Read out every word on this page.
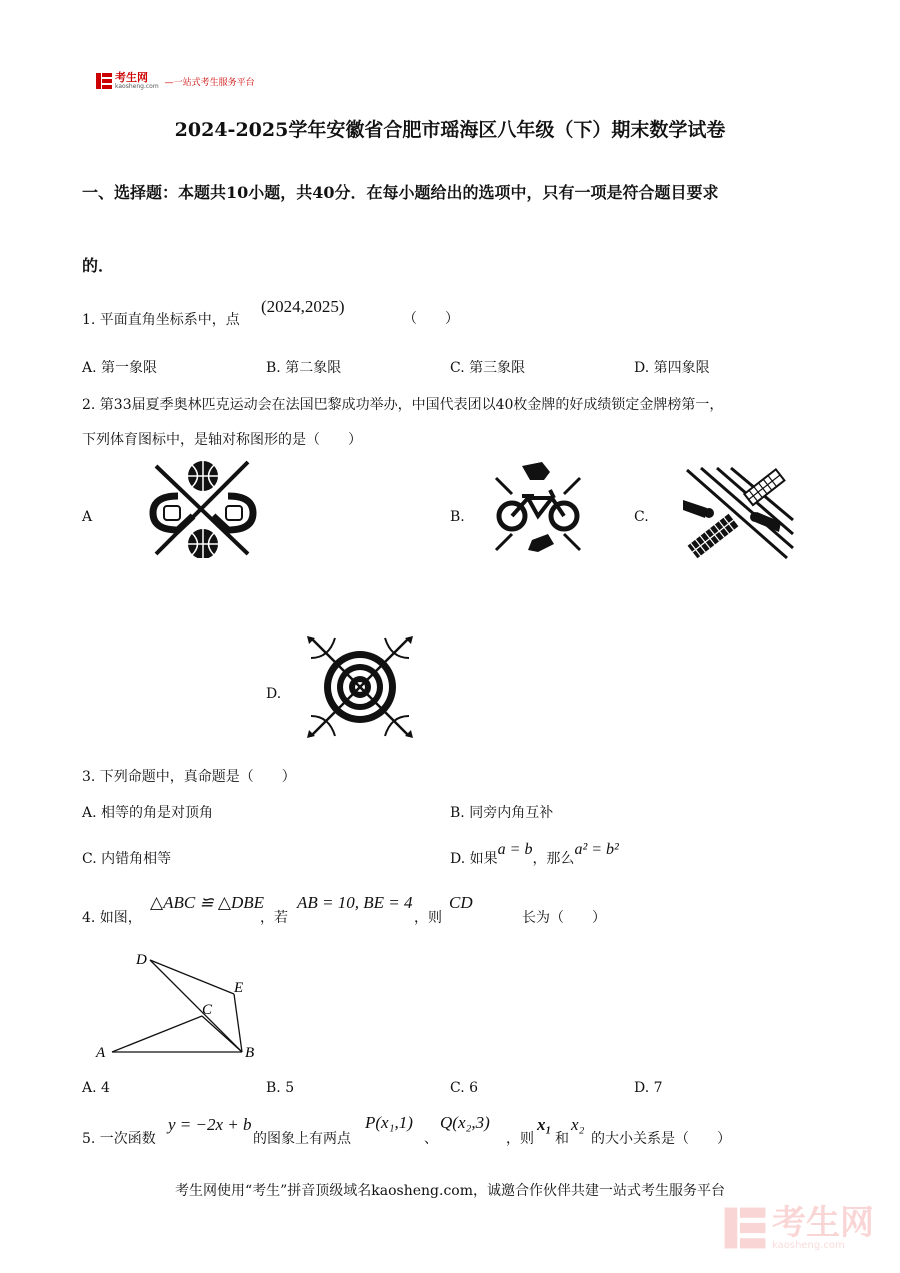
考生网
kaosheng.com —一站式考生服务平台
2024-2025学年安徽省合肥市瑶海区八年级（下）期末数学试卷
一、选择题：本题共10小题，共40分．在每小题给出的选项中，只有一项是符合题目要求
的．
1. 平面直角坐标系中，点
(2024,2025)
（　　）
A. 第一象限	B. 第二象限	C. 第三象限	D. 第四象限
2. 第33届夏季奥林匹克运动会在法国巴黎成功举办，中国代表团以40枚金牌的好成绩锁定金牌榜第一，
下列体育图标中，是轴对称图形的是（　　）
A	B.	C.
D.
3. 下列命题中，真命题是（　　）
A. 相等的角是对顶角	B. 同旁内角互补
C. 内错角相等	D. 如果a = b，那么a² = b²
4. 如图，
△ABC ≌ △DBE
，若
AB = 10, BE = 4
，则
CD
长为（　　）
D
E
C
A	B
A. 4	B. 5	C. 6	D. 7
5. 一次函数
y = −2x + b
的图象上有两点
P(x₁,1)
、
Q(x₂,3)
，则
x₁
和
x₂
的大小关系是（　　）
考生网使用“考生”拼音顶级域名kaosheng.com，诚邀合作伙伴共建一站式考生服务平台
考生网
kaosheng.com
